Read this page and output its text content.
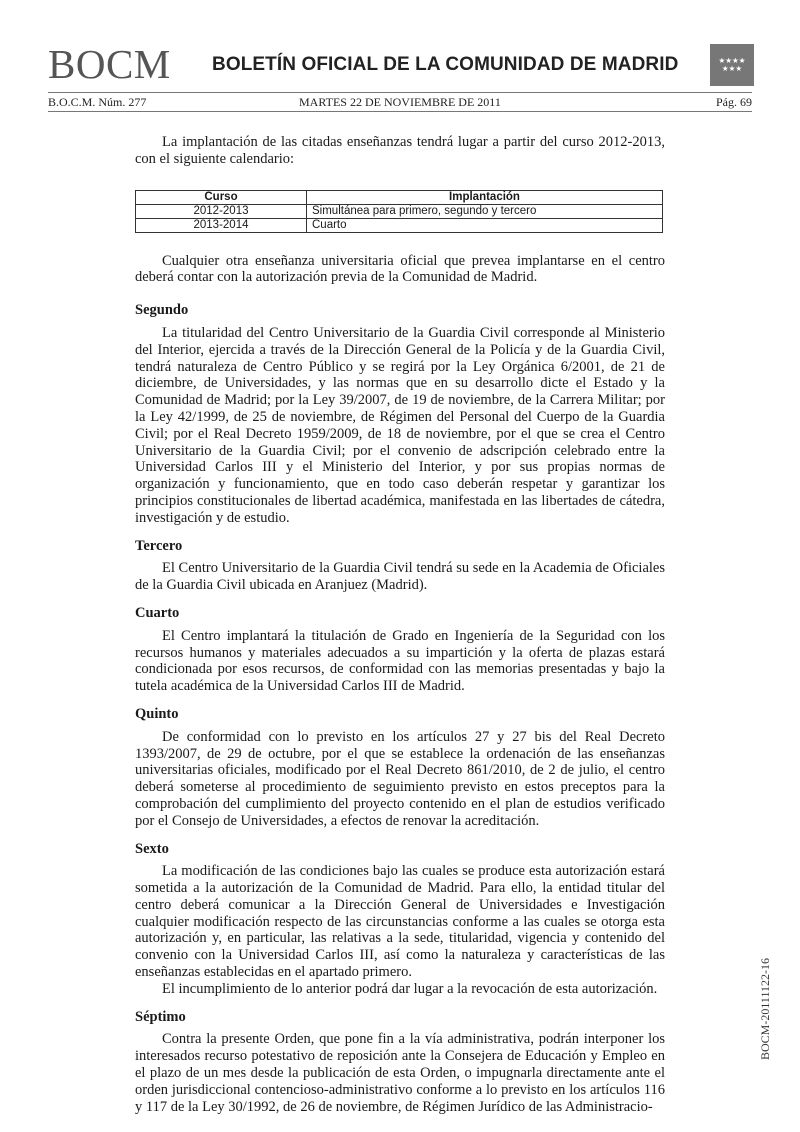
BOCM BOLETÍN OFICIAL DE LA COMUNIDAD DE MADRID	★★★★
★★★
B.O.C.M. Núm. 277	MARTES 22 DE NOVIEMBRE DE 2011	Pág. 69

La implantación de las citadas enseñanzas tendrá lugar a partir del curso 2012-2013, con el siguiente calendario:

Curso	Implantación
2012-2013	Simultánea para primero, segundo y tercero
2013-2014	Cuarto

Cualquier otra enseñanza universitaria oficial que prevea implantarse en el centro deberá contar con la autorización previa de la Comunidad de Madrid.

Segundo

La titularidad del Centro Universitario de la Guardia Civil corresponde al Ministerio del Interior, ejercida a través de la Dirección General de la Policía y de la Guardia Civil, tendrá naturaleza de Centro Público y se regirá por la Ley Orgánica 6/2001, de 21 de diciembre, de Universidades, y las normas que en su desarrollo dicte el Estado y la Comunidad de Madrid; por la Ley 39/2007, de 19 de noviembre, de la Carrera Militar; por la Ley 42/1999, de 25 de noviembre, de Régimen del Personal del Cuerpo de la Guardia Civil; por el Real Decreto 1959/2009, de 18 de noviembre, por el que se crea el Centro Universitario de la Guardia Civil; por el convenio de adscripción celebrado entre la Universidad Carlos III y el Ministerio del Interior, y por sus propias normas de organización y funcionamiento, que en todo caso deberán respetar y garantizar los principios constitucionales de libertad académica, manifestada en las libertades de cátedra, investigación y de estudio.

Tercero

El Centro Universitario de la Guardia Civil tendrá su sede en la Academia de Oficiales de la Guardia Civil ubicada en Aranjuez (Madrid).

Cuarto

El Centro implantará la titulación de Grado en Ingeniería de la Seguridad con los recursos humanos y materiales adecuados a su impartición y la oferta de plazas estará condicionada por esos recursos, de conformidad con las memorias presentadas y bajo la tutela académica de la Universidad Carlos III de Madrid.

Quinto

De conformidad con lo previsto en los artículos 27 y 27 bis del Real Decreto 1393/2007, de 29 de octubre, por el que se establece la ordenación de las enseñanzas universitarias oficiales, modificado por el Real Decreto 861/2010, de 2 de julio, el centro deberá someterse al procedimiento de seguimiento previsto en estos preceptos para la comprobación del cumplimiento del proyecto contenido en el plan de estudios verificado por el Consejo de Universidades, a efectos de renovar la acreditación.

Sexto

La modificación de las condiciones bajo las cuales se produce esta autorización estará sometida a la autorización de la Comunidad de Madrid. Para ello, la entidad titular del centro deberá comunicar a la Dirección General de Universidades e Investigación cualquier modificación respecto de las circunstancias conforme a las cuales se otorga esta autorización y, en particular, las relativas a la sede, titularidad, vigencia y contenido del convenio con la Universidad Carlos III, así como la naturaleza y características de las enseñanzas establecidas en el apartado primero.

El incumplimiento de lo anterior podrá dar lugar a la revocación de esta autorización.

Séptimo

Contra la presente Orden, que pone fin a la vía administrativa, podrán interponer los interesados recurso potestativo de reposición ante la Consejera de Educación y Empleo en el plazo de un mes desde la publicación de esta Orden, o impugnarla directamente ante el orden jurisdiccional contencioso-administrativo conforme a lo previsto en los artículos 116 y 117 de la Ley 30/1992, de 26 de noviembre, de Régimen Jurídico de las Administracio-

BOCM-20111122-16
